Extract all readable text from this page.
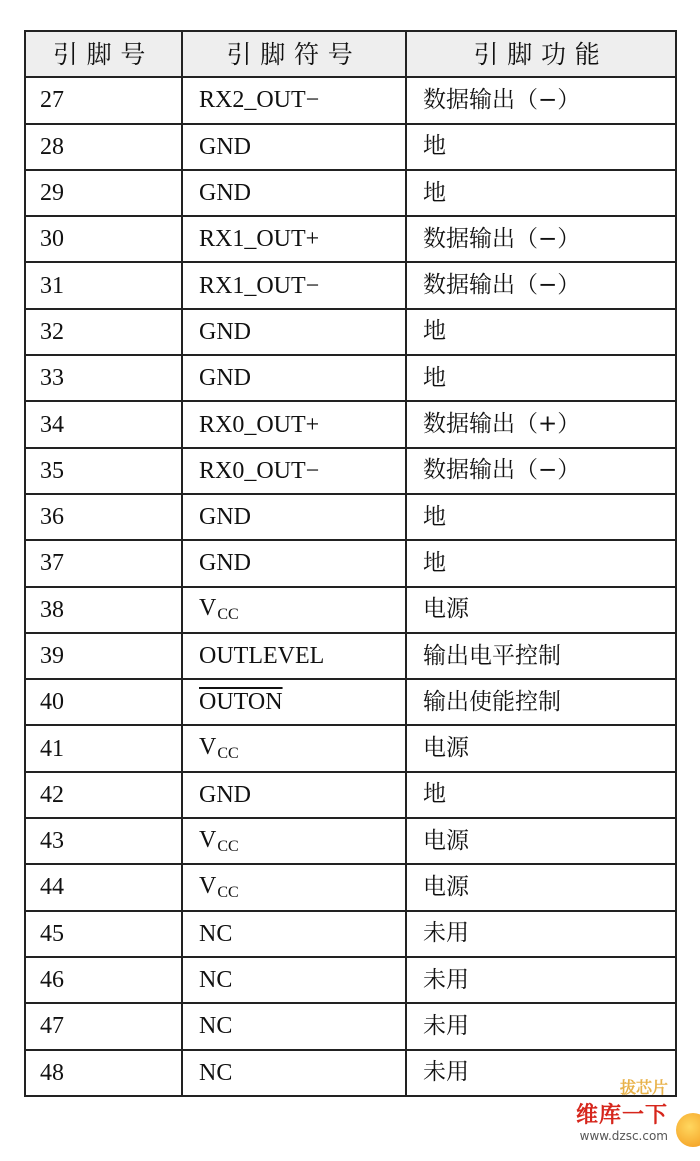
引脚号	引脚符号	引脚功能
27	RX2_OUT−	数据输出（−）
28	GND	地
29	GND	地
30	RX1_OUT+	数据输出（−）
31	RX1_OUT−	数据输出（−）
32	GND	地
33	GND	地
34	RX0_OUT+	数据输出（+）
35	RX0_OUT−	数据输出（−）
36	GND	地
37	GND	地
38	$V_{CC}$	电源
39	OUTLEVEL	输出电平控制
40	OUTON	输出使能控制
41	$V_{CC}$	电源
42	GND	地
43	$V_{CC}$	电源
44	$V_{CC}$	电源
45	NC	未用
46	NC	未用
47	NC	未用
48	NC	未用
拔芯片
维库一下
www.dzsc.com
